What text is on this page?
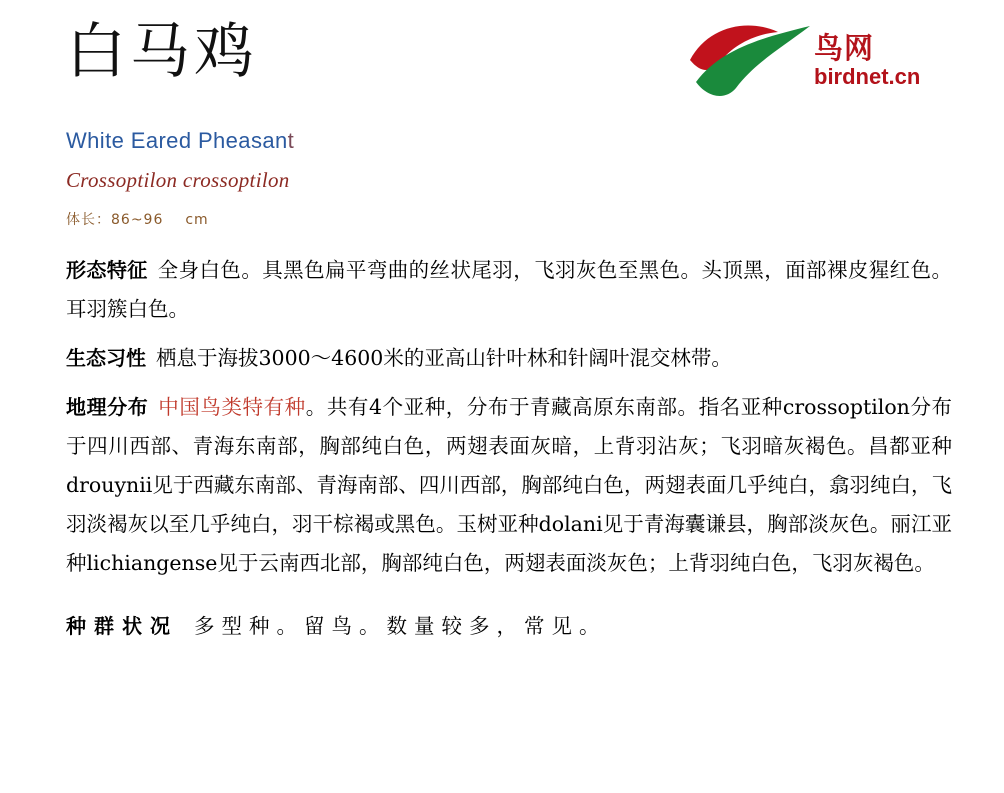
白马鸡	鸟网
birdnet.cn
White Eared Pheasant
Crossoptilon crossoptilon
体长：86~96 cm
形态特征 全身白色。具黑色扁平弯曲的丝状尾羽，飞羽灰色至黑色。头顶黑，面部裸皮猩红色。耳羽簇白色。
生态习性 栖息于海拔3000～4600米的亚高山针叶林和针阔叶混交林带。
地理分布 中国鸟类特有种。共有4个亚种，分布于青藏高原东南部。指名亚种crossoptilon分布于四川西部、青海东南部，胸部纯白色，两翅表面灰暗，上背羽沾灰；飞羽暗灰褐色。昌都亚种drouynii见于西藏东南部、青海南部、四川西部，胸部纯白色，两翅表面几乎纯白，翕羽纯白，飞羽淡褐灰以至几乎纯白，羽干棕褐或黑色。玉树亚种dolani见于青海囊谦县，胸部淡灰色。丽江亚种lichiangense见于云南西北部，胸部纯白色，两翅表面淡灰色；上背羽纯白色，飞羽灰褐色。
种群状况 多型种。留鸟。数量较多，常见。
